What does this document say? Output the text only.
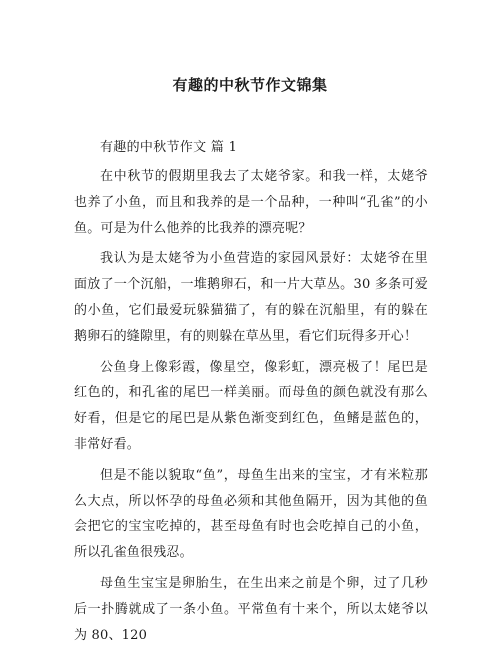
有趣的中秋节作文锦集
有趣的中秋节作文 篇 1

在中秋节的假期里我去了太姥爷家。和我一样，太姥爷也养了小鱼，而且和我养的是一个品种，一种叫“孔雀”的小鱼。可是为什么他养的比我养的漂亮呢？

我认为是太姥爷为小鱼营造的家园风景好：太姥爷在里面放了一个沉船，一堆鹅卵石，和一片大草丛。30 多条可爱的小鱼，它们最爱玩躲猫猫了，有的躲在沉船里，有的躲在鹅卵石的缝隙里，有的则躲在草丛里，看它们玩得多开心！

公鱼身上像彩霞，像星空，像彩虹，漂亮极了！尾巴是红色的，和孔雀的尾巴一样美丽。而母鱼的颜色就没有那么好看，但是它的尾巴是从紫色渐变到红色，鱼鳍是蓝色的，非常好看。

但是不能以貌取“鱼”，母鱼生出来的宝宝，才有米粒那么大点，所以怀孕的母鱼必须和其他鱼隔开，因为其他的鱼会把它的宝宝吃掉的，甚至母鱼有时也会吃掉自己的小鱼，所以孔雀鱼很残忍。

母鱼生宝宝是卵胎生，在生出来之前是个卵，过了几秒后一扑腾就成了一条小鱼。平常鱼有十来个，所以太姥爷以为 80、120
